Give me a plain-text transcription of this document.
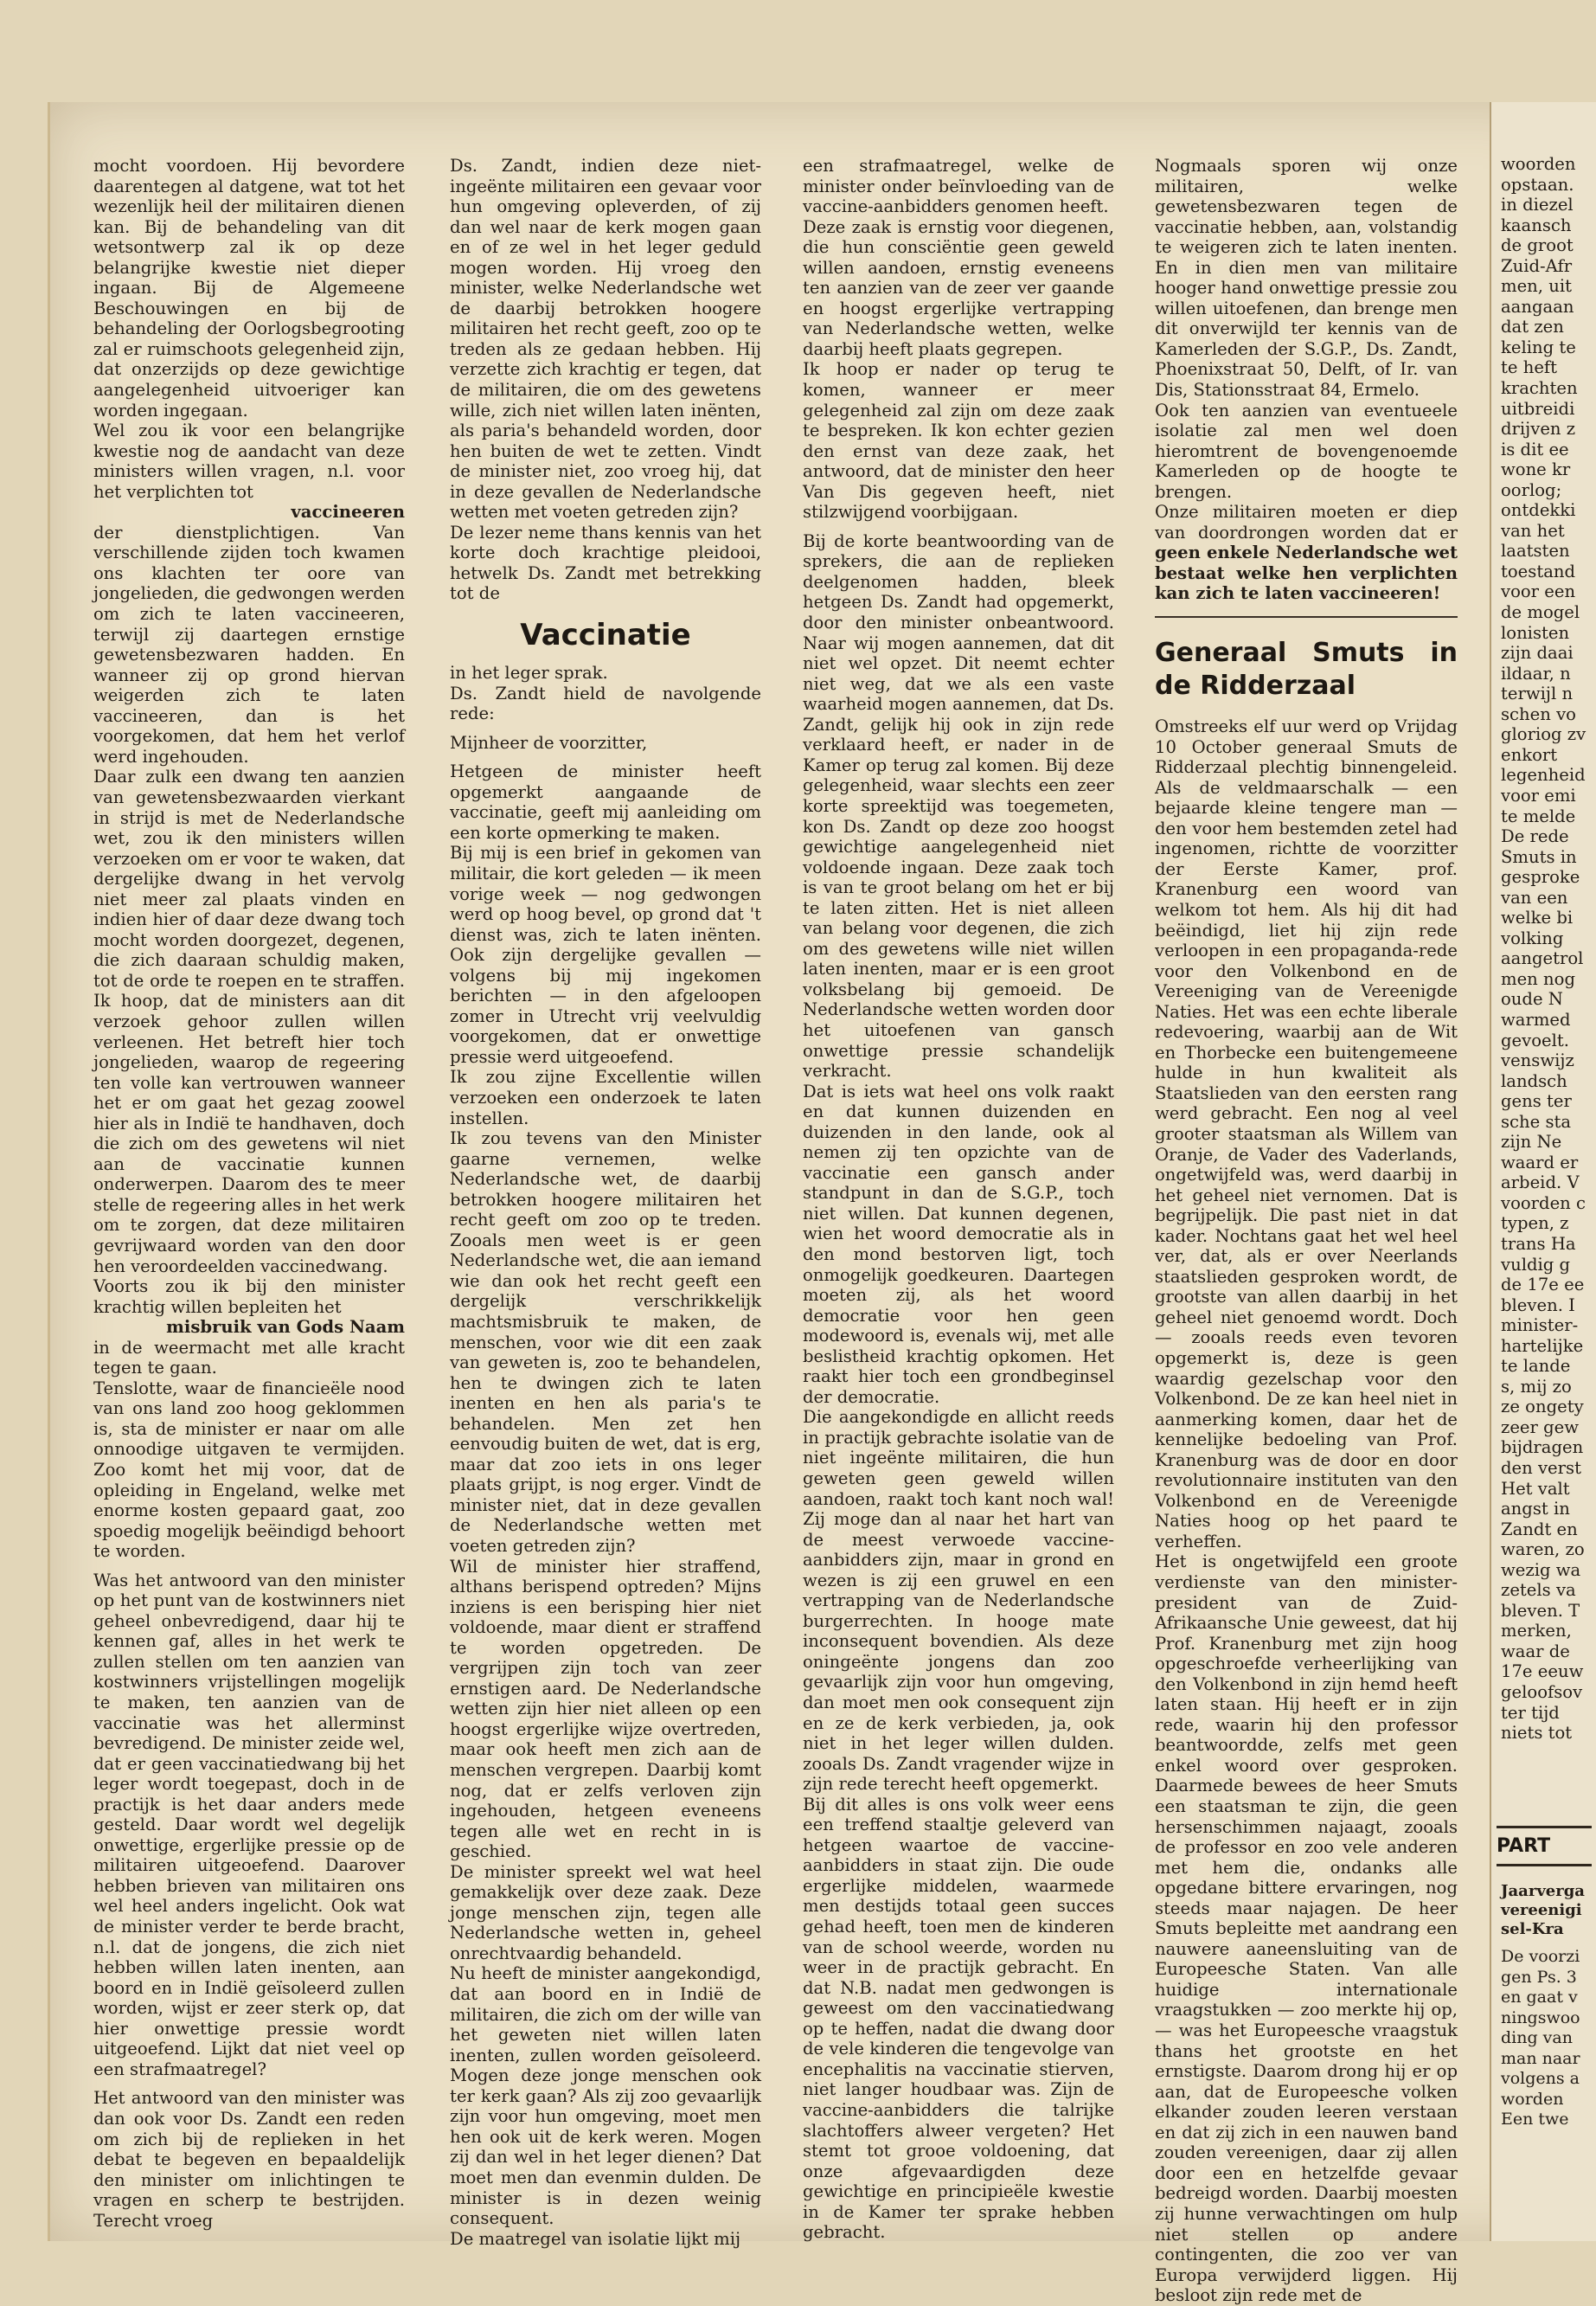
mocht voordoen. Hij bevordere daarentegen al datgene, wat tot het wezenlijk heil der militairen dienen kan. Bij de behandeling van dit wetsontwerp zal ik op deze belangrijke kwestie niet dieper ingaan. Bij de Algemeene Beschouwingen en bij de behandeling der Oorlogsbegrooting zal er ruimschoots gelegenheid zijn, dat onzerzijds op deze gewichtige aangelegenheid uitvoeriger kan worden ingegaan.

Wel zou ik voor een belangrijke kwestie nog de aandacht van deze ministers willen vragen, n.l. voor het verplichten tot

vaccineeren

der dienstplichtigen. Van verschillende zijden toch kwamen ons klachten ter oore van jongelieden, die gedwongen werden om zich te laten vaccineeren, terwijl zij daartegen ernstige gewetensbezwaren hadden. En wanneer zij op grond hiervan weigerden zich te laten vaccineeren, dan is het voorgekomen, dat hem het verlof werd ingehouden.

Daar zulk een dwang ten aanzien van gewetensbezwaarden vierkant in strijd is met de Nederlandsche wet, zou ik den ministers willen verzoeken om er voor te waken, dat dergelijke dwang in het vervolg niet meer zal plaats vinden en indien hier of daar deze dwang toch mocht worden doorgezet, degenen, die zich daaraan schuldig maken, tot de orde te roepen en te straffen. Ik hoop, dat de ministers aan dit verzoek gehoor zullen willen verleenen. Het betreft hier toch jongelieden, waarop de regeering ten volle kan vertrouwen wanneer het er om gaat het gezag zoowel hier als in Indië te handhaven, doch die zich om des gewetens wil niet aan de vaccinatie kunnen onderwerpen. Daarom des te meer stelle de regeering alles in het werk om te zorgen, dat deze militairen gevrijwaard worden van den door hen veroordeelden vaccinedwang.

Voorts zou ik bij den minister krachtig willen bepleiten het

misbruik van Gods Naam

in de weermacht met alle kracht tegen te gaan.

Tenslotte, waar de financieële nood van ons land zoo hoog geklommen is, sta de minister er naar om alle onnoodige uitgaven te vermijden. Zoo komt het mij voor, dat de opleiding in Engeland, welke met enorme kosten gepaard gaat, zoo spoedig mogelijk beëindigd behoort te worden.

Was het antwoord van den minister op het punt van de kostwinners niet geheel onbevredigend, daar hij te kennen gaf, alles in het werk te zullen stellen om ten aanzien van kostwinners vrijstellingen mogelijk te maken, ten aanzien van de vaccinatie was het allerminst bevredigend. De minister zeide wel, dat er geen vaccinatiedwang bij het leger wordt toegepast, doch in de practijk is het daar anders mede gesteld. Daar wordt wel degelijk onwettige, ergerlijke pressie op de militairen uitgeoefend. Daarover hebben brieven van militairen ons wel heel anders ingelicht. Ook wat de minister verder te berde bracht, n.l. dat de jongens, die zich niet hebben willen laten inenten, aan boord en in Indië geïsoleerd zullen worden, wijst er zeer sterk op, dat hier onwettige pressie wordt uitgeoefend. Lijkt dat niet veel op een strafmaatregel?

Het antwoord van den minister was dan ook voor Ds. Zandt een reden om zich bij de replieken in het debat te begeven en bepaaldelijk den minister om inlichtingen te vragen en scherp te bestrijden. Terecht vroeg

Ds. Zandt, indien deze niet-ingeënte militairen een gevaar voor hun omgeving opleverden, of zij dan wel naar de kerk mogen gaan en of ze wel in het leger geduld mogen worden. Hij vroeg den minister, welke Nederlandsche wet de daarbij betrokken hoogere militairen het recht geeft, zoo op te treden als ze gedaan hebben. Hij verzette zich krachtig er tegen, dat de militairen, die om des gewetens wille, zich niet willen laten inënten, als paria's behandeld worden, door hen buiten de wet te zetten. Vindt de minister niet, zoo vroeg hij, dat in deze gevallen de Nederlandsche wetten met voeten getreden zijn?

De lezer neme thans kennis van het korte doch krachtige pleidooi, hetwelk Ds. Zandt met betrekking tot de

Vaccinatie

in het leger sprak.

Ds. Zandt hield de navolgende rede:

Mijnheer de voorzitter,

Hetgeen de minister heeft opgemerkt aangaande de vaccinatie, geeft mij aanleiding om een korte opmerking te maken.

Bij mij is een brief in gekomen van militair, die kort geleden — ik meen vorige week — nog gedwongen werd op hoog bevel, op grond dat 't dienst was, zich te laten inënten. Ook zijn dergelijke gevallen — volgens bij mij ingekomen berichten — in den afgeloopen zomer in Utrecht vrij veelvuldig voorgekomen, dat er onwettige pressie werd uitgeoefend.

Ik zou zijne Excellentie willen verzoeken een onderzoek te laten instellen.

Ik zou tevens van den Minister gaarne vernemen, welke Nederlandsche wet, de daarbij betrokken hoogere militairen het recht geeft om zoo op te treden. Zooals men weet is er geen Nederlandsche wet, die aan iemand wie dan ook het recht geeft een dergelijk verschrikkelijk machtsmisbruik te maken, de menschen, voor wie dit een zaak van geweten is, zoo te behandelen, hen te dwingen zich te laten inenten en hen als paria's te behandelen. Men zet hen eenvoudig buiten de wet, dat is erg, maar dat zoo iets in ons leger plaats grijpt, is nog erger. Vindt de minister niet, dat in deze gevallen de Nederlandsche wetten met voeten getreden zijn?

Wil de minister hier straffend, althans berispend optreden? Mijns inziens is een berisping hier niet voldoende, maar dient er straffend te worden opgetreden. De vergrijpen zijn toch van zeer ernstigen aard. De Nederlandsche wetten zijn hier niet alleen op een hoogst ergerlijke wijze overtreden, maar ook heeft men zich aan de menschen vergrepen. Daarbij komt nog, dat er zelfs verloven zijn ingehouden, hetgeen eveneens tegen alle wet en recht in is geschied.

De minister spreekt wel wat heel gemakkelijk over deze zaak. Deze jonge menschen zijn, tegen alle Nederlandsche wetten in, geheel onrechtvaardig behandeld.

Nu heeft de minister aangekondigd, dat aan boord en in Indië de militairen, die zich om der wille van het geweten niet willen laten inenten, zullen worden geïsoleerd. Mogen deze jonge menschen ook ter kerk gaan? Als zij zoo gevaarlijk zijn voor hun omgeving, moet men hen ook uit de kerk weren. Mogen zij dan wel in het leger dienen? Dat moet men dan evenmin dulden. De minister is in dezen weinig consequent.

De maatregel van isolatie lijkt mij

een strafmaatregel, welke de minister onder beïnvloeding van de vaccine-aanbidders genomen heeft.

Deze zaak is ernstig voor diegenen, die hun consciëntie geen geweld willen aandoen, ernstig eveneens ten aanzien van de zeer ver gaande en hoogst ergerlijke vertrapping van Nederlandsche wetten, welke daarbij heeft plaats gegrepen.

Ik hoop er nader op terug te komen, wanneer er meer gelegenheid zal zijn om deze zaak te bespreken. Ik kon echter gezien den ernst van deze zaak, het antwoord, dat de minister den heer Van Dis gegeven heeft, niet stilzwijgend voorbijgaan.

Bij de korte beantwoording van de sprekers, die aan de replieken deelgenomen hadden, bleek hetgeen Ds. Zandt had opgemerkt, door den minister onbeantwoord. Naar wij mogen aannemen, dat dit niet wel opzet. Dit neemt echter niet weg, dat we als een vaste waarheid mogen aannemen, dat Ds. Zandt, gelijk hij ook in zijn rede verklaard heeft, er nader in de Kamer op terug zal komen. Bij deze gelegenheid, waar slechts een zeer korte spreektijd was toegemeten, kon Ds. Zandt op deze zoo hoogst gewichtige aangelegenheid niet voldoende ingaan. Deze zaak toch is van te groot belang om het er bij te laten zitten. Het is niet alleen van belang voor degenen, die zich om des gewetens wille niet willen laten inenten, maar er is een groot volksbelang bij gemoeid. De Nederlandsche wetten worden door het uitoefenen van gansch onwettige pressie schandelijk verkracht.

Dat is iets wat heel ons volk raakt en dat kunnen duizenden en duizenden in den lande, ook al nemen zij ten opzichte van de vaccinatie een gansch ander standpunt in dan de S.G.P., toch niet willen. Dat kunnen degenen, wien het woord democratie als in den mond bestorven ligt, toch onmogelijk goedkeuren. Daartegen moeten zij, als het woord democratie voor hen geen modewoord is, evenals wij, met alle beslistheid krachtig opkomen. Het raakt hier toch een grondbeginsel der democratie.

Die aangekondigde en allicht reeds in practijk gebrachte isolatie van de niet ingeënte militairen, die hun geweten geen geweld willen aandoen, raakt toch kant noch wal! Zij moge dan al naar het hart van de meest verwoede vaccine-aanbidders zijn, maar in grond en wezen is zij een gruwel en een vertrapping van de Nederlandsche burgerrechten. In hooge mate inconsequent bovendien. Als deze oningeënte jongens dan zoo gevaarlijk zijn voor hun omgeving, dan moet men ook consequent zijn en ze de kerk verbieden, ja, ook niet in het leger willen dulden. zooals Ds. Zandt vragender wijze in zijn rede terecht heeft opgemerkt.

Bij dit alles is ons volk weer eens een treffend staaltje geleverd van hetgeen waartoe de vaccine-aanbidders in staat zijn. Die oude ergerlijke middelen, waarmede men destijds totaal geen succes gehad heeft, toen men de kinderen van de school weerde, worden nu weer in de practijk gebracht. En dat N.B. nadat men gedwongen is geweest om den vaccinatiedwang op te heffen, nadat die dwang door de vele kinderen die tengevolge van encephalitis na vaccinatie stierven, niet langer houdbaar was. Zijn de vaccine-aanbidders die talrijke slachtoffers alweer vergeten? Het stemt tot grooe voldoening, dat onze afgevaardigden deze gewichtige en principieële kwestie in de Kamer ter sprake hebben gebracht.

Nogmaals sporen wij onze militairen, welke gewetensbezwaren tegen de vaccinatie hebben, aan, volstandig te weigeren zich te laten inenten. En in dien men van militaire hooger hand onwettige pressie zou willen uitoefenen, dan brenge men dit onverwijld ter kennis van de Kamerleden der S.G.P., Ds. Zandt, Phoenixstraat 50, Delft, of Ir. van Dis, Stationsstraat 84, Ermelo.

Ook ten aanzien van eventueele isolatie zal men wel doen hieromtrent de bovengenoemde Kamerleden op de hoogte te brengen.

Onze militairen moeten er diep van doordrongen worden dat er geen enkele Nederlandsche wet bestaat welke hen verplichten kan zich te laten vaccineeren!

Generaal Smuts in de Ridderzaal

Omstreeks elf uur werd op Vrijdag 10 October generaal Smuts de Ridderzaal plechtig binnengeleid. Als de veldmaarschalk — een bejaarde kleine tengere man — den voor hem bestemden zetel had ingenomen, richtte de voorzitter der Eerste Kamer, prof. Kranenburg een woord van welkom tot hem. Als hij dit had beëindigd, liet hij zijn rede verloopen in een propaganda-rede voor den Volkenbond en de Vereeniging van de Vereenigde Naties. Het was een echte liberale redevoering, waarbij aan de Wit en Thorbecke een buitengemeene hulde in hun kwaliteit als Staatslieden van den eersten rang werd gebracht. Een nog al veel grooter staatsman als Willem van Oranje, de Vader des Vaderlands, ongetwijfeld was, werd daarbij in het geheel niet vernomen. Dat is begrijpelijk. Die past niet in dat kader. Nochtans gaat het wel heel ver, dat, als er over Neerlands staatslieden gesproken wordt, de grootste van allen daarbij in het geheel niet genoemd wordt. Doch — zooals reeds even tevoren opgemerkt is, deze is geen waardig gezelschap voor den Volkenbond. De ze kan heel niet in aanmerking komen, daar het de kennelijke bedoeling van Prof. Kranenburg was de door en door revolutionnaire instituten van den Volkenbond en de Vereenigde Naties hoog op het paard te verheffen.

Het is ongetwijfeld een groote verdienste van den minister-president van de Zuid-Afrikaansche Unie geweest, dat hij Prof. Kranenburg met zijn hoog opgeschroefde verheerlijking van den Volkenbond in zijn hemd heeft laten staan. Hij heeft er in zijn rede, waarin hij den professor beantwoordde, zelfs met geen enkel woord over gesproken. Daarmede bewees de heer Smuts een staatsman te zijn, die geen hersenschimmen najaagt, zooals de professor en zoo vele anderen met hem die, ondanks alle opgedane bittere ervaringen, nog steeds maar najagen. De heer Smuts bepleitte met aandrang een nauwere aaneensluiting van de Europeesche Staten. Van alle huidige internationale vraagstukken — zoo merkte hij op, — was het Europeesche vraagstuk thans het grootste en het ernstigste. Daarom drong hij er op aan, dat de Europeesche volken elkander zouden leeren verstaan en dat zij zich in een nauwen band zouden vereenigen, daar zij allen door een en hetzelfde gevaar bedreigd worden. Daarbij moesten zij hunne verwachtingen om hulp niet stellen op andere contingenten, die zoo ver van Europa verwijderd liggen. Hij besloot zijn rede met de

woorden
opstaan.
in diezel
kaansch
de groot
Zuid-Afr
men, uit
aangaan
dat zen
keling te
te heft
krachten
uitbreidi
drijven z
is dit ee
wone kr
oorlog;
ontdekki
van het
laatsten
toestand
voor een
de mogel
lonisten
zijn daai
ildaar, n
terwijl n
schen vo
gloriog zv
enkort
legenheid
voor emi
te melde
De rede
Smuts in
gesproke
van een
welke bi
volking
aangetrol
men nog
oude N
warmed
gevoelt.
venswijz
landsch
gens ter
sche sta
zijn Ne
waard er
arbeid. V
voorden c
typen, z
trans Ha
vuldig g
de 17e ee
bleven. I
minister-
hartelijke
te lande
s, mij zo
ze ongety
zeer gew
bijdragen
den verst
Het valt
angst in
Zandt en
waren, zo
wezig wa
zetels va
bleven. T
merken,
waar de
17e eeuw
geloofsov
ter tijd
niets tot
PART
Jaarverga vereenigi sel-Kra
De voorzi
gen Ps. 3
en gaat v
ningswoo
ding van
man naar
volgens a
worden
Een twe
